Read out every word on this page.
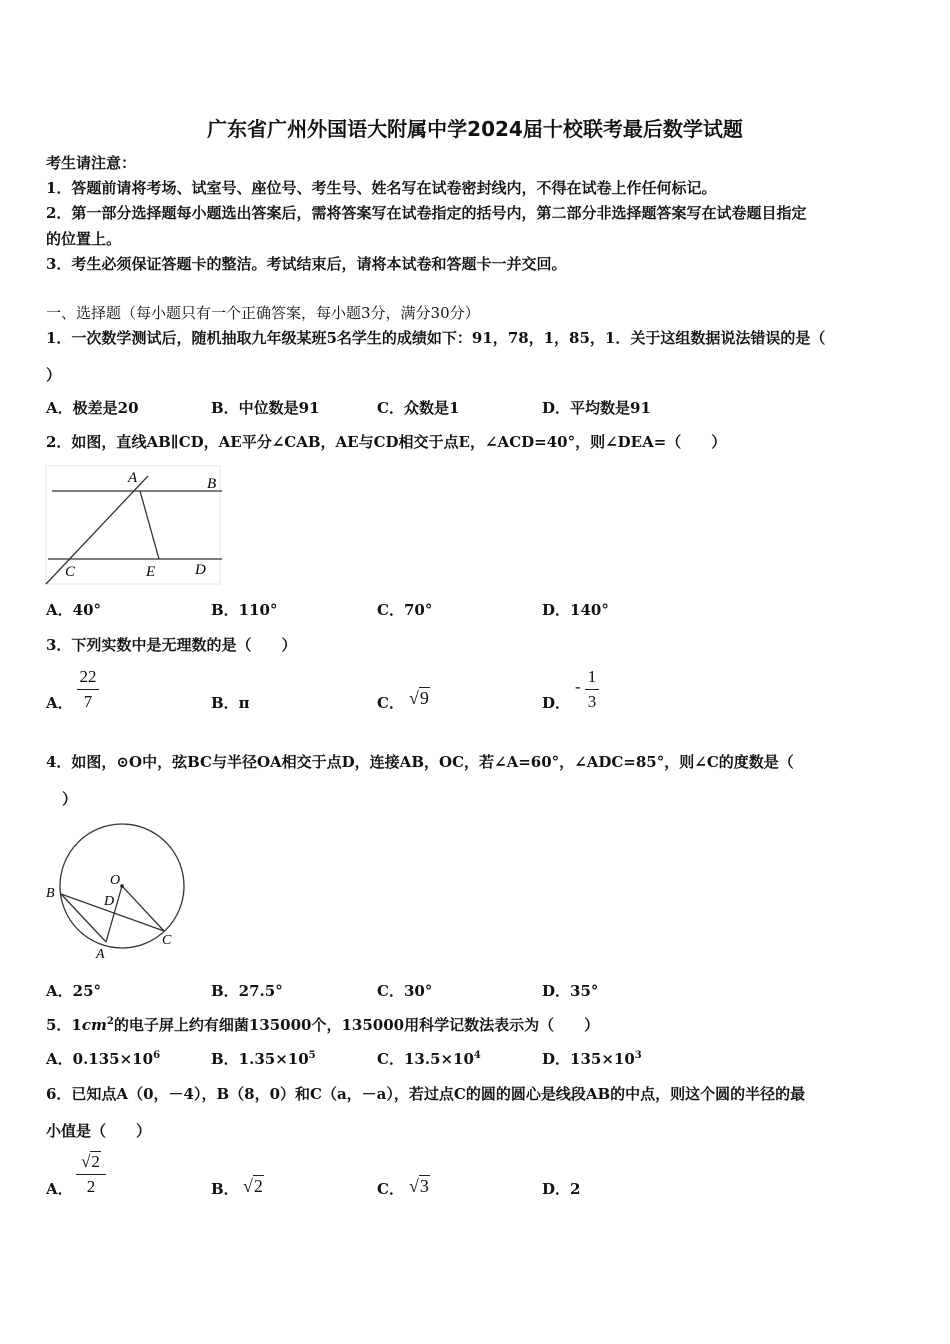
广东省广州外国语大附属中学2024届十校联考最后数学试题
考生请注意：
1．答题前请将考场、试室号、座位号、考生号、姓名写在试卷密封线内，不得在试卷上作任何标记。
2．第一部分选择题每小题选出答案后，需将答案写在试卷指定的括号内，第二部分非选择题答案写在试卷题目指定
的位置上。
3．考生必须保证答题卡的整洁。考试结束后，请将本试卷和答题卡一并交回。
一、选择题（每小题只有一个正确答案，每小题3分，满分30分）
1．一次数学测试后，随机抽取九年级某班5名学生的成绩如下：91，78，1，85，1．关于这组数据说法错误的是（
）
A．极差是20	B．中位数是91	C．众数是1	D．平均数是91
2．如图，直线AB∥CD，AE平分∠CAB，AE与CD相交于点E，∠ACD=40°，则∠DEA=（　　）
A	B
C	E	D
A．40°	B．110°	C．70°	D．140°
3．下列实数中是无理数的是（　　）
A．
22
7	B．π	C． √9	D．
-
1
3
4．如图，⊙O中，弦BC与半径OA相交于点D，连接AB，OC，若∠A=60°，∠ADC=85°，则∠C的度数是（
）
O
B
D
C
A
A．25°	B．27.5°	C．30°	D．35°
5．$1cm^2$的电子屏上约有细菌135000个，135000用科学记数法表示为（　　）
A．$0.135\times 10^6$	B．$1.35\times 10^5$	C．$13.5\times 10^4$	D．$135\times 10^3$
6．已知点A（0，－4），B（8，0）和C（a，－a），若过点C的圆的圆心是线段AB的中点，则这个圆的半径的最
小值是（　　）
A．
√2
2	B． √2	C． √3	D．2
